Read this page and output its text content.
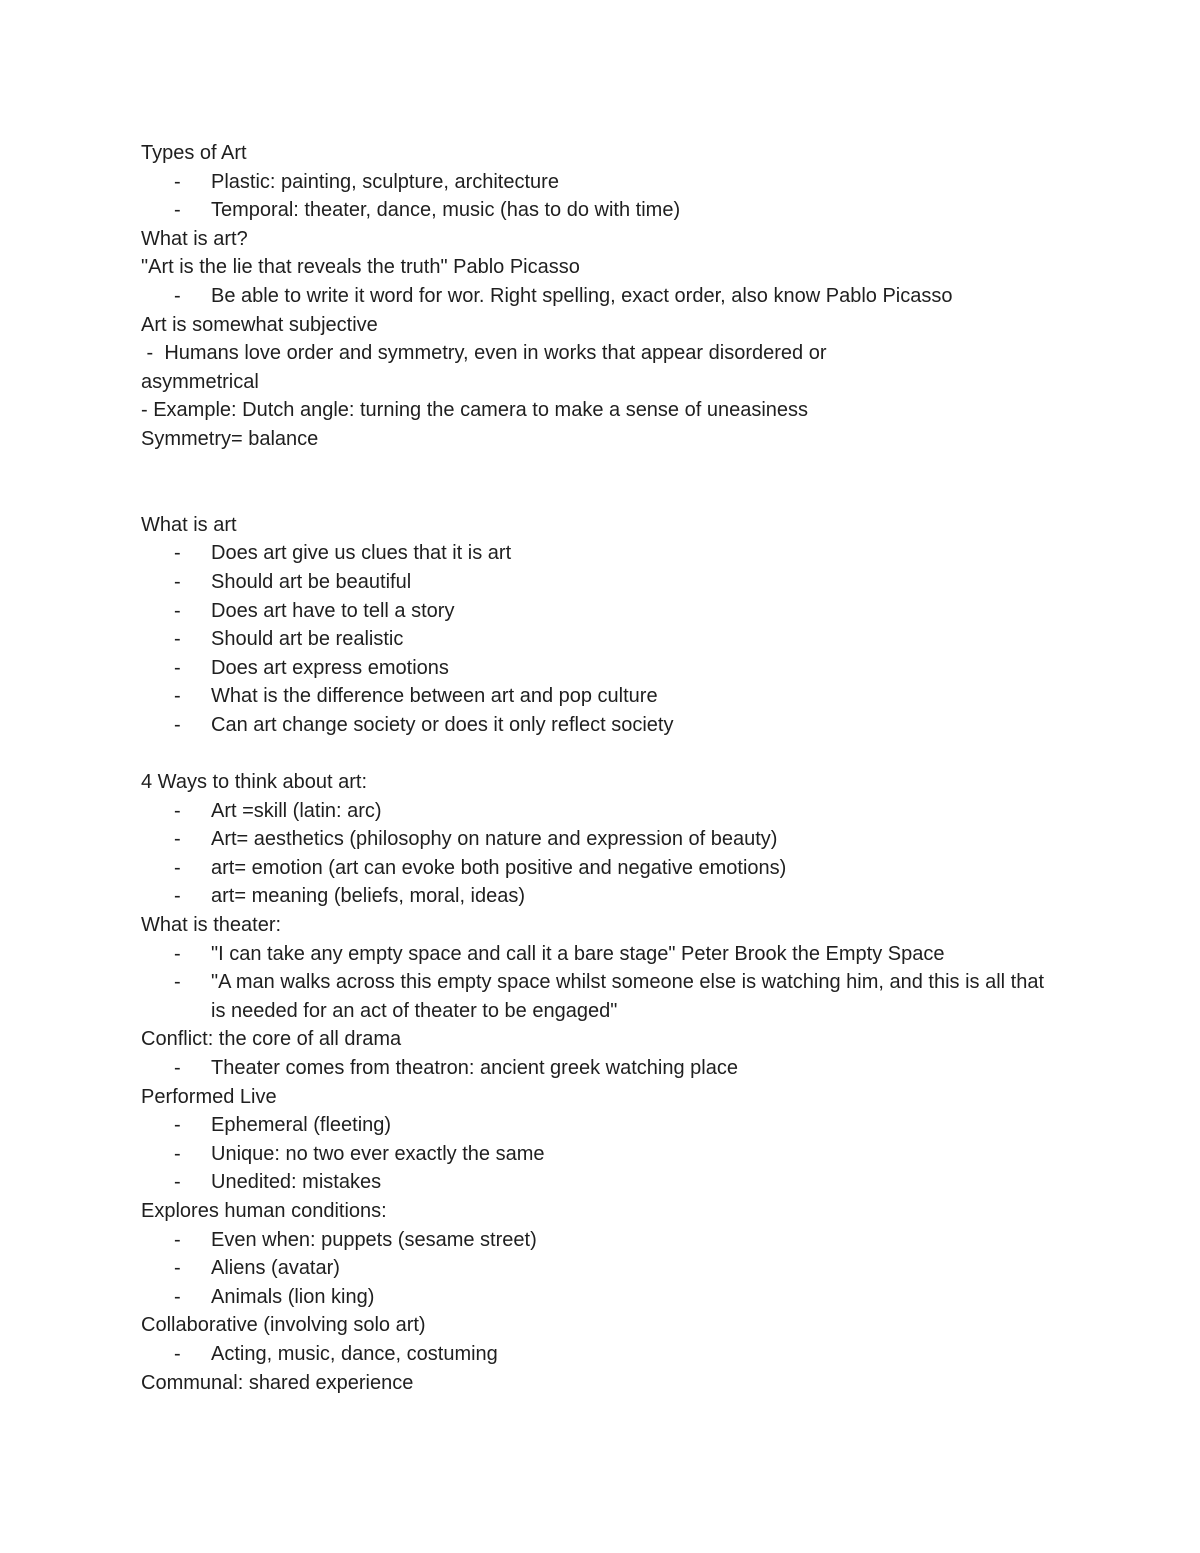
Types of Art
- Plastic: painting, sculpture, architecture
- Temporal: theater, dance, music (has to do with time)
What is art?
"Art is the lie that reveals the truth" Pablo Picasso
- Be able to write it word for wor. Right spelling, exact order, also know Pablo Picasso
Art is somewhat subjective
-  Humans love order and symmetry, even in works that appear disordered or
asymmetrical
- Example: Dutch angle: turning the camera to make a sense of uneasiness
Symmetry= balance
What is art
- Does art give us clues that it is art
- Should art be beautiful
- Does art have to tell a story
- Should art be realistic
- Does art express emotions
- What is the difference between art and pop culture
- Can art change society or does it only reflect society
4 Ways to think about art:
- Art =skill (latin: arc)
- Art= aesthetics (philosophy on nature and expression of beauty)
- art= emotion (art can evoke both positive and negative emotions)
- art= meaning (beliefs, moral, ideas)
What is theater:
- "I can take any empty space and call it a bare stage" Peter Brook the Empty Space
- "A man walks across this empty space whilst someone else is watching him, and this is all that is needed for an act of theater to be engaged"
Conflict: the core of all drama
- Theater comes from theatron: ancient greek watching place
Performed Live
- Ephemeral (fleeting)
- Unique: no two ever exactly the same
- Unedited: mistakes
Explores human conditions:
- Even when: puppets (sesame street)
- Aliens (avatar)
- Animals (lion king)
Collaborative (involving solo art)
- Acting, music, dance, costuming
Communal: shared experience
